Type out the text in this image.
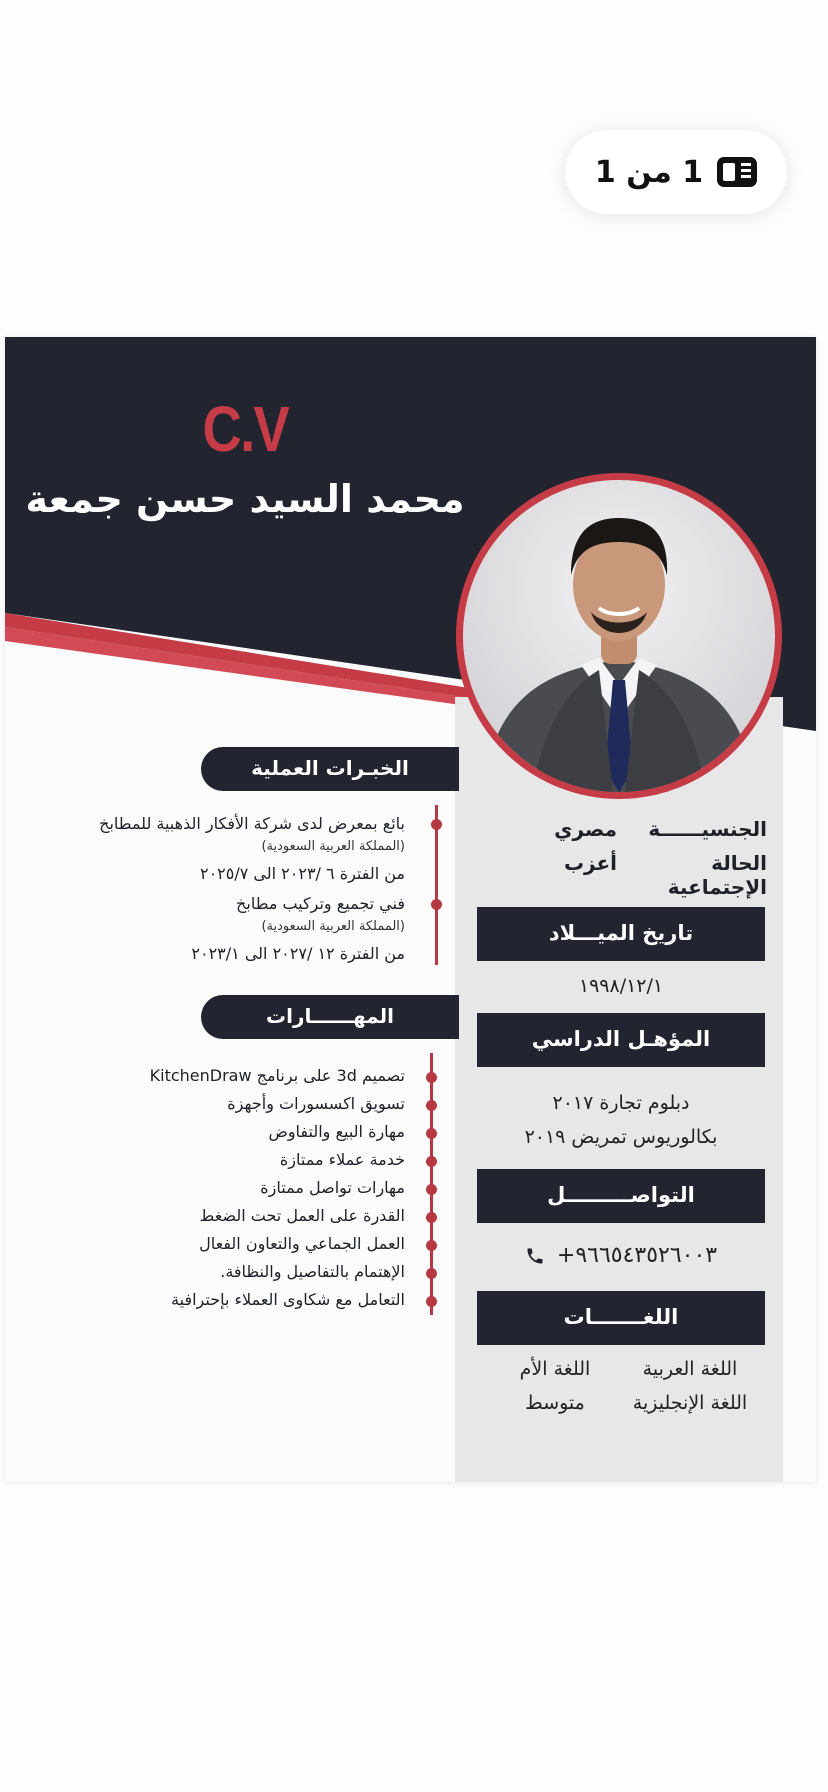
1 من 1
C.V
محمد السيد حسن جمعة
الجنسيــــــة
مصري
الحالة الإجتماعية
أعزب
تاريخ الميـــلاد
١٩٩٨/١٢/١
المؤهـل الدراسي
دبلوم تجارة ٢٠١٧
بكالوريوس تمريض ٢٠١٩
التواصـــــــــل
+٩٦٦٥٤٣٥٢٦٠٠٣
اللغـــــــات
اللغة العربية
اللغة الأم
اللغة الإنجليزية
متوسط
الخبـرات العملية
بائع بمعرض لدى شركة الأفكار الذهبية للمطابخ
(المملكة العربية السعودية)
من الفترة ٦ /٢٠٢٣ الى ٢٠٢٥/٧
فني تجميع وتركيب مطابخ
(المملكة العربية السعودية)
من الفترة ١٢ /٢٠٢٧ الى ٢٠٢٣/١
المهــــــارات
تصميم 3d على برنامج KitchenDraw
تسويق اكسسورات وأجهزة
مهارة البيع والتفاوض
خدمة عملاء ممتازة
مهارات تواصل ممتازة
القدرة على العمل تحت الضغط
العمل الجماعي والتعاون الفعال
الإهتمام بالتفاصيل والنظافة.
التعامل مع شكاوى العملاء بإحترافية
